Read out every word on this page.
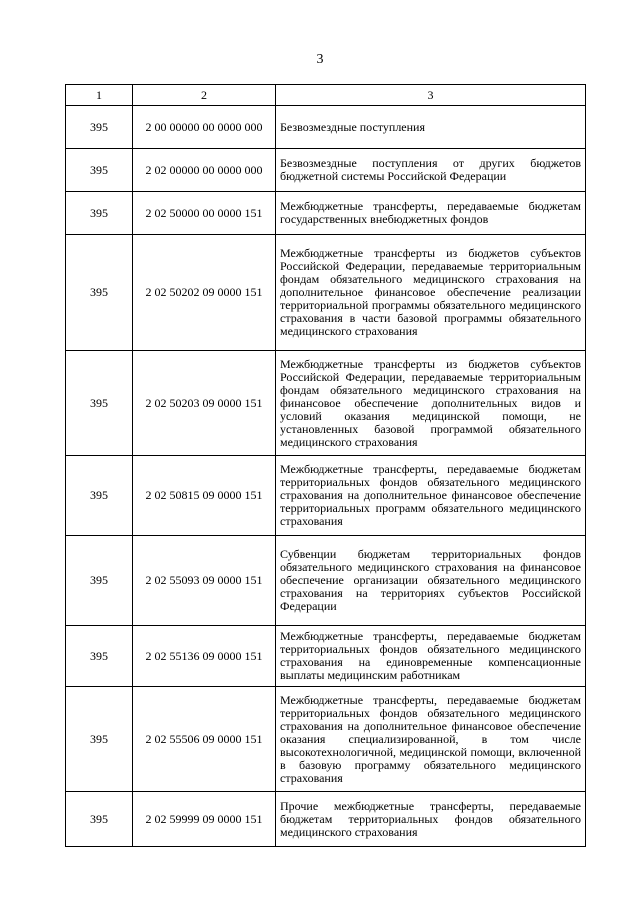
3
1	2	3
395	2 00 00000 00 0000 000	Безвозмездные поступления

395	2 02 00000 00 0000 000	Безвозмездные поступления от других бюджетов бюджетной системы Российской Федерации

395	2 02 50000 00 0000 151	Межбюджетные трансферты, передаваемые бюджетам государственных внебюджетных фондов

395	2 02 50202 09 0000 151	Межбюджетные трансферты из бюджетов субъектов Российской Федерации, передаваемые территориальным фондам обязательного медицинского страхования на дополнительное финансовое обеспечение реализации территориальной программы обязательного медицинского страхования в части базовой программы обязательного медицинского страхования

395	2 02 50203 09 0000 151	Межбюджетные трансферты из бюджетов субъектов Российской Федерации, передаваемые территориальным фондам обязательного медицинского страхования на финансовое обеспечение дополнительных видов и условий оказания медицинской помощи, не установленных базовой программой обязательного медицинского страхования

395	2 02 50815 09 0000 151	Межбюджетные трансферты, передаваемые бюджетам территориальных фондов обязательного медицинского страхования на дополнительное финансовое обеспечение территориальных программ обязательного медицинского страхования

395	2 02 55093 09 0000 151	Субвенции бюджетам территориальных фондов обязательного медицинского страхования на финансовое обеспечение организации обязательного медицинского страхования на территориях субъектов Российской Федерации

395	2 02 55136 09 0000 151	Межбюджетные трансферты, передаваемые бюджетам территориальных фондов обязательного медицинского страхования на единовременные компенсационные выплаты медицинским работникам

395	2 02 55506 09 0000 151	Межбюджетные трансферты, передаваемые бюджетам территориальных фондов обязательного медицинского страхования на дополнительное финансовое обеспечение оказания специализированной, в том числе высокотехнологичной, медицинской помощи, включенной в базовую программу обязательного медицинского страхования

395	2 02 59999 09 0000 151	Прочие межбюджетные трансферты, передаваемые бюджетам территориальных фондов обязательного медицинского страхования
